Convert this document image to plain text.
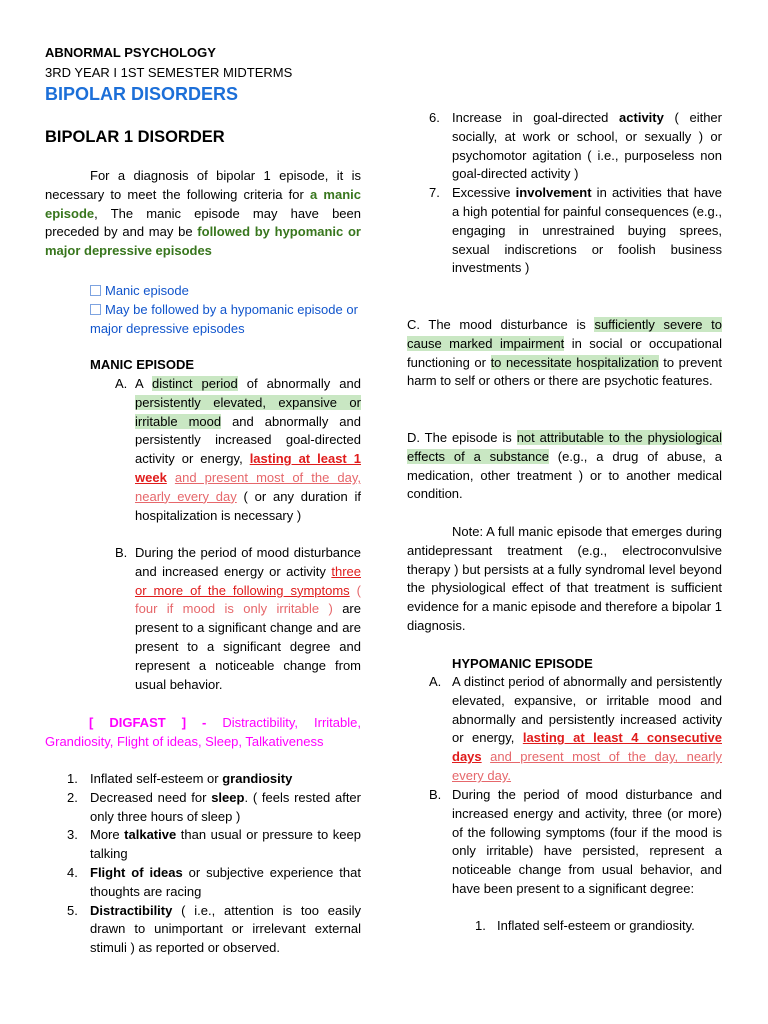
ABNORMAL PSYCHOLOGY
3RD YEAR I 1ST SEMESTER MIDTERMS
BIPOLAR DISORDERS
BIPOLAR 1 DISORDER
For a diagnosis of bipolar 1 episode, it is necessary to meet the following criteria for a manic episode, The manic episode may have been preceded by and may be followed by hypomanic or major depressive episodes
Manic episode
May be followed by a hypomanic episode or major depressive episodes
MANIC EPISODE
A. A distinct period of abnormally and persistently elevated, expansive or irritable mood and abnormally and persistently increased goal-directed activity or energy, lasting at least 1 week and present most of the day, nearly every day ( or any duration if hospitalization is necessary )
B. During the period of mood disturbance and increased energy or activity three or more of the following symptoms ( four if mood is only irritable ) are present to a significant change and are present to a significant degree and represent a noticeable change from usual behavior.
[ DIGFAST ] - Distractibility, Irritable, Grandiosity, Flight of ideas, Sleep, Talkativeness
1. Inflated self-esteem or grandiosity
2. Decreased need for sleep. ( feels rested after only three hours of sleep )
3. More talkative than usual or pressure to keep talking
4. Flight of ideas or subjective experience that thoughts are racing
5. Distractibility ( i.e., attention is too easily drawn to unimportant or irrelevant external stimuli ) as reported or observed.
6. Increase in goal-directed activity ( either socially, at work or school, or sexually ) or psychomotor agitation ( i.e., purposeless non goal-directed activity )
7. Excessive involvement in activities that have a high potential for painful consequences (e.g., engaging in unrestrained buying sprees, sexual indiscretions or foolish business investments )
C. The mood disturbance is sufficiently severe to cause marked impairment in social or occupational functioning or to necessitate hospitalization to prevent harm to self or others or there are psychotic features.
D. The episode is not attributable to the physiological effects of a substance (e.g., a drug of abuse, a medication, other treatment ) or to another medical condition.
Note: A full manic episode that emerges during antidepressant treatment (e.g., electroconvulsive therapy ) but persists at a fully syndromal level beyond the physiological effect of that treatment is sufficient evidence for a manic episode and therefore a bipolar 1 diagnosis.
HYPOMANIC EPISODE
A. A distinct period of abnormally and persistently elevated, expansive, or irritable mood and abnormally and persistently increased activity or energy, lasting at least 4 consecutive days and present most of the day, nearly every day.
B. During the period of mood disturbance and increased energy and activity, three (or more) of the following symptoms (four if the mood is only irritable) have persisted, represent a noticeable change from usual behavior, and have been present to a significant degree:
1. Inflated self-esteem or grandiosity.
